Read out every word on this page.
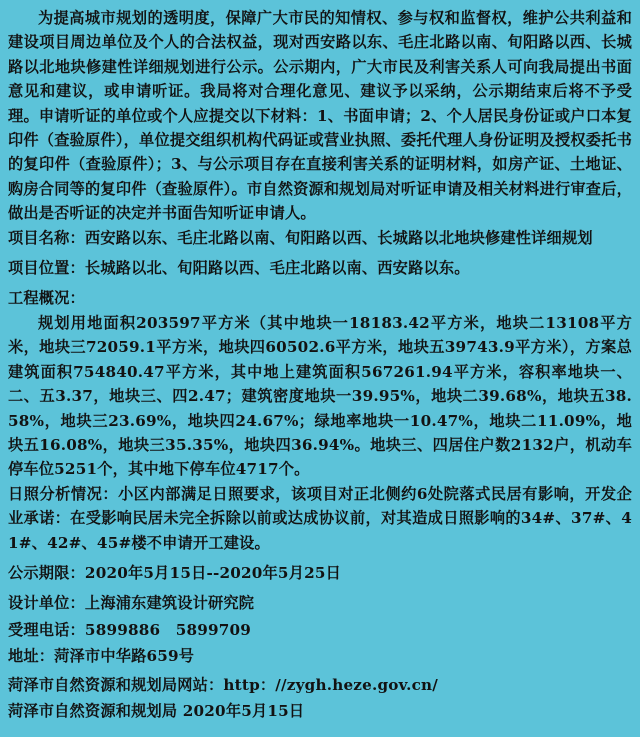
为提高城市规划的透明度，保障广大市民的知情权、参与权和监督权，维护公共利益和建设项目周边单位及个人的合法权益，现对西安路以东、毛庄北路以南、旬阳路以西、长城路以北地块修建性详细规划进行公示。公示期内，广大市民及利害关系人可向我局提出书面意见和建议，或申请听证。我局将对合理化意见、建议予以采纳，公示期结束后将不予受理。申请听证的单位或个人应提交以下材料：1、书面申请；2、个人居民身份证或户口本复印件（查验原件），单位提交组织机构代码证或营业执照、委托代理人身份证明及授权委托书的复印件（查验原件）；3、与公示项目存在直接利害关系的证明材料，如房产证、土地证、购房合同等的复印件（查验原件）。市自然资源和规划局对听证申请及相关材料进行审查后，做出是否听证的决定并书面告知听证申请人。

项目名称：西安路以东、毛庄北路以南、旬阳路以西、长城路以北地块修建性详细规划

项目位置：长城路以北、旬阳路以西、毛庄北路以南、西安路以东。

工程概况：

规划用地面积203597平方米（其中地块一18183.42平方米，地块二13108平方米，地块三72059.1平方米，地块四60502.6平方米，地块五39743.9平方米），方案总建筑面积754840.47平方米，其中地上建筑面积567261.94平方米，容积率地块一、二、五3.37，地块三、四2.47；建筑密度地块一39.95%，地块二39.68%，地块五38.58%，地块三23.69%，地块四24.67%；绿地率地块一10.47%，地块二11.09%，地块五16.08%，地块三35.35%，地块四36.94%。地块三、四居住户数2132户，机动车停车位5251个，其中地下停车位4717个。

日照分析情况：小区内部满足日照要求，该项目对正北侧约6处院落式民居有影响，开发企业承诺：在受影响民居未完全拆除以前或达成协议前，对其造成日照影响的34#、37#、41#、42#、45#楼不申请开工建设。

公示期限：2020年5月15日--2020年5月25日

设计单位：上海浦东建筑设计研究院

受理电话：5899886　5899709

地址：菏泽市中华路659号

菏泽市自然资源和规划局网站：http：//zygh.heze.gov.cn/

菏泽市自然资源和规划局 2020年5月15日
